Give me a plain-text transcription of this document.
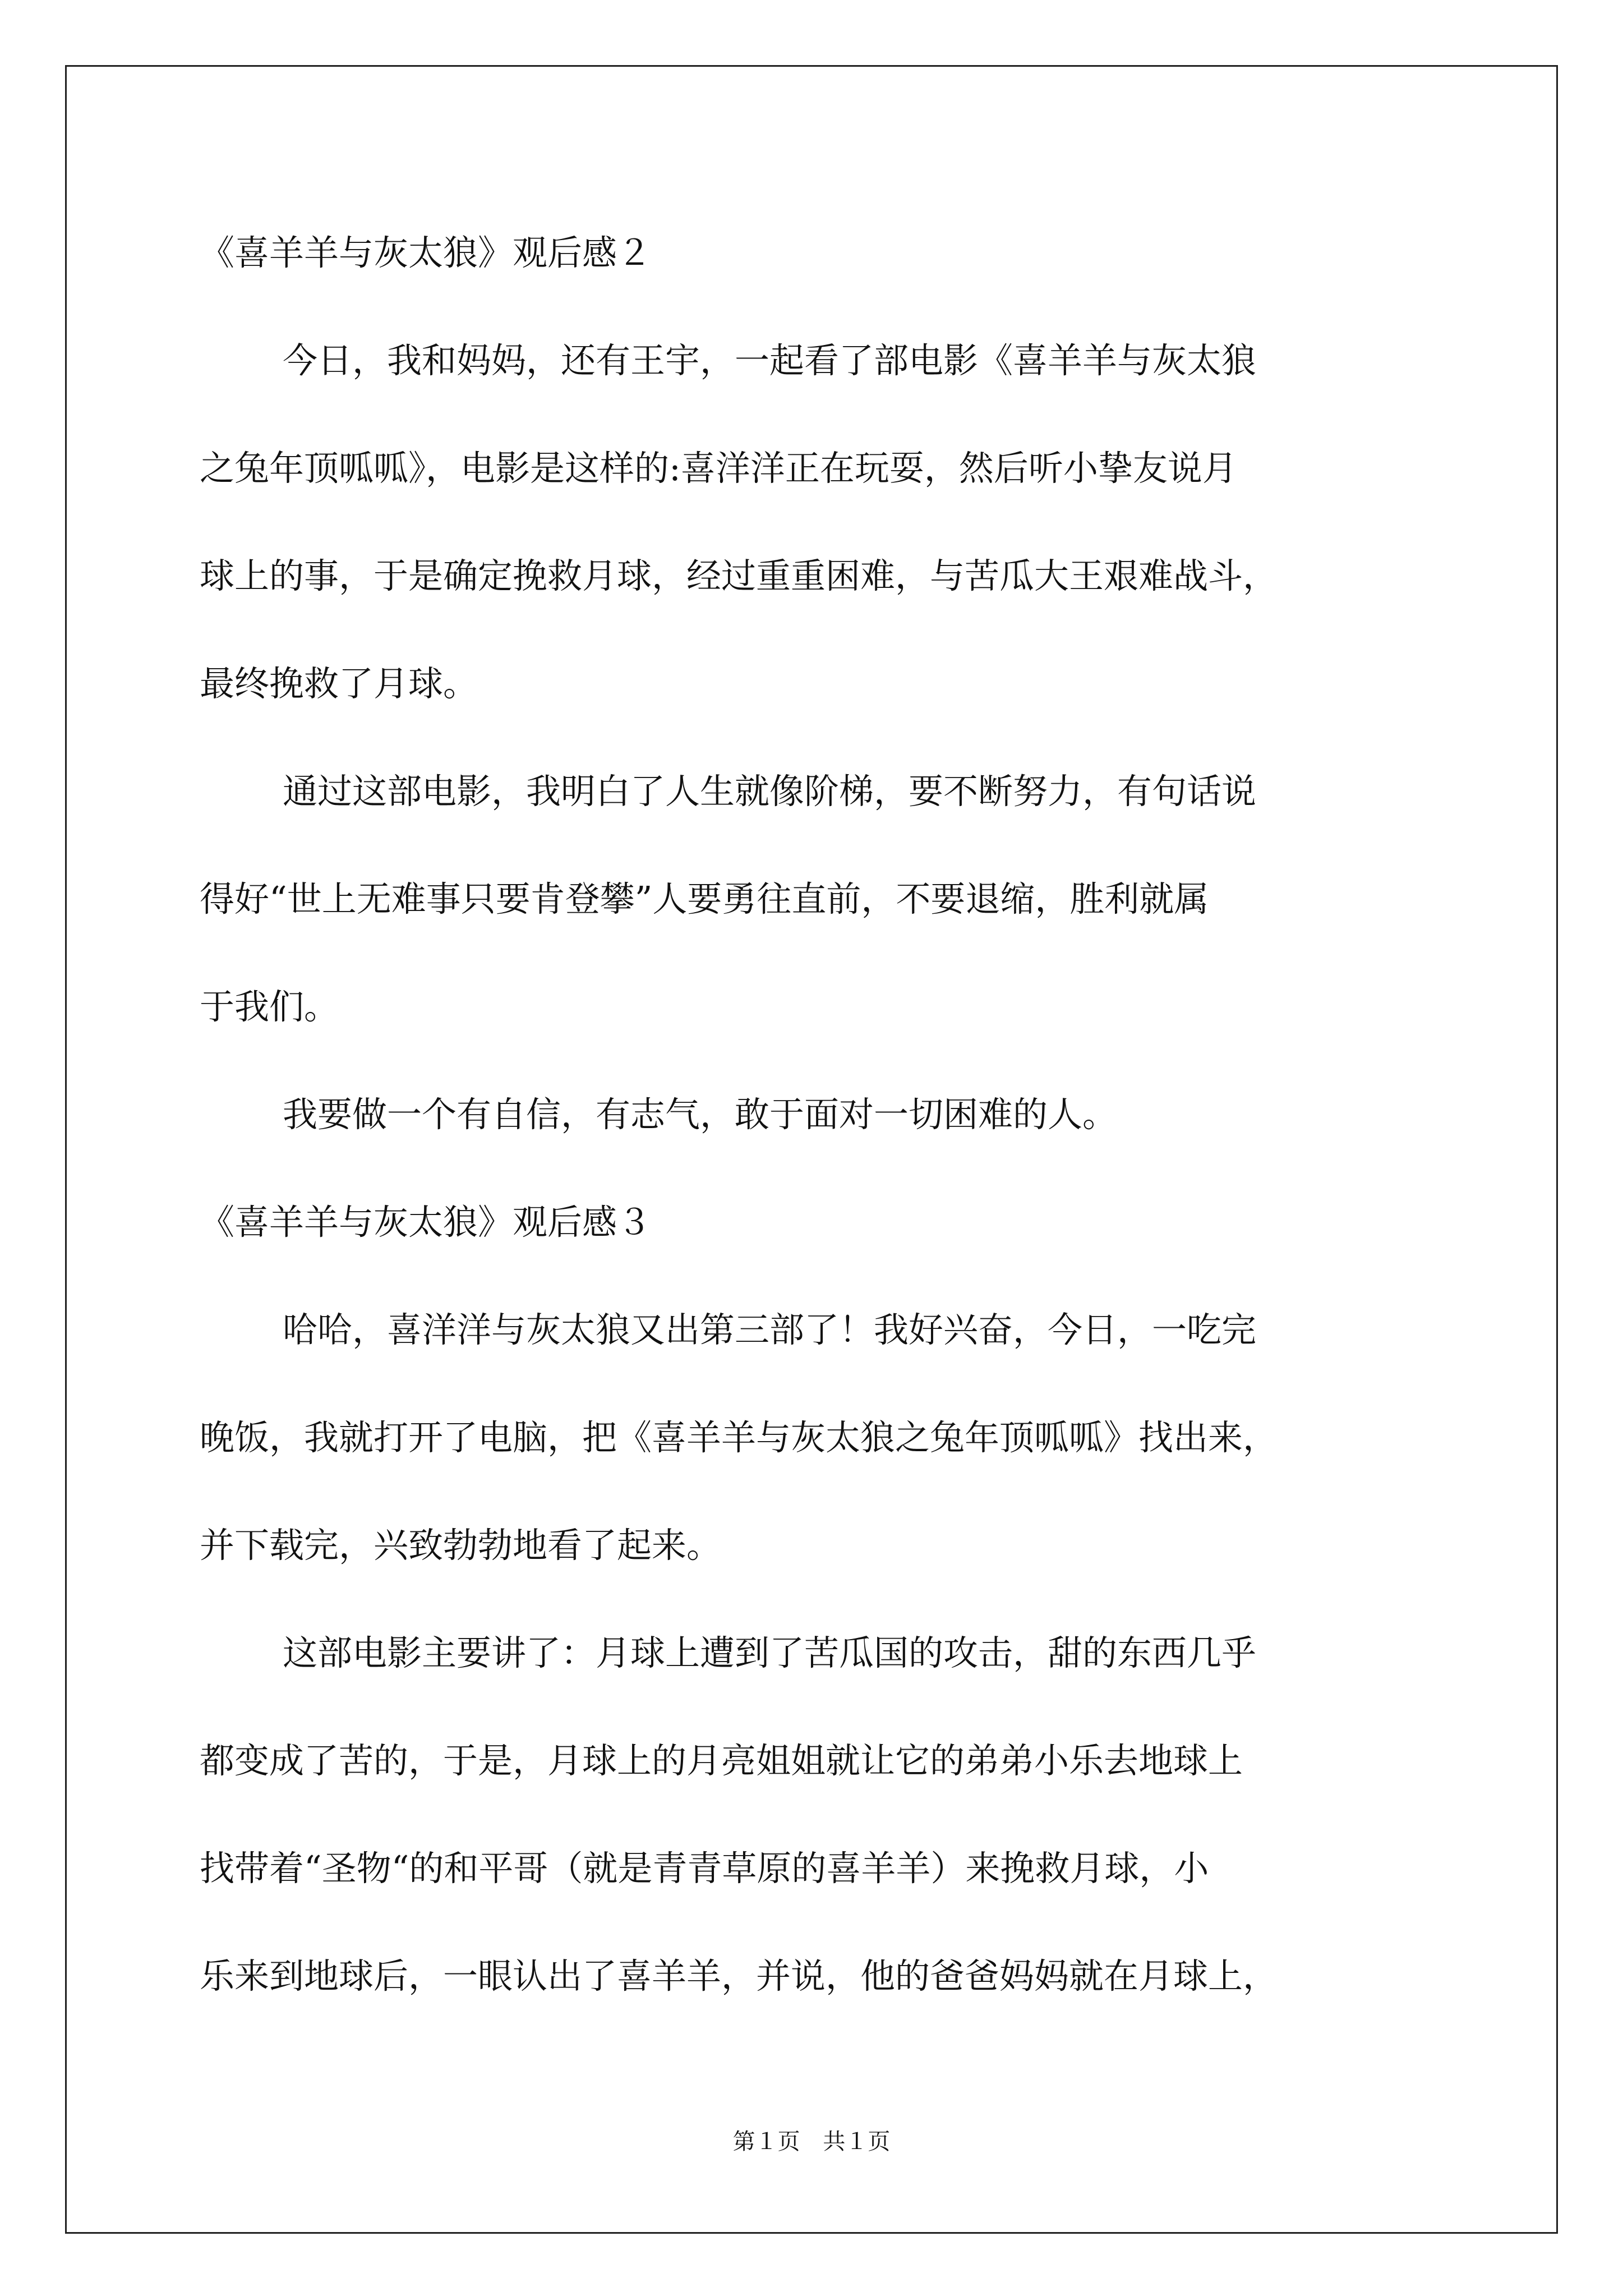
《喜羊羊与灰太狼》观后感２
今日，我和妈妈，还有王宇，一起看了部电影《喜羊羊与灰太狼
之兔年顶呱呱》，电影是这样的:喜洋洋正在玩耍，然后听小挚友说月
球上的事，于是确定挽救月球，经过重重困难，与苦瓜大王艰难战斗，
最终挽救了月球。
通过这部电影，我明白了人生就像阶梯，要不断努力，有句话说
得好“世上无难事只要肯登攀”人要勇往直前，不要退缩，胜利就属
于我们。
我要做一个有自信，有志气，敢于面对一切困难的人。
《喜羊羊与灰太狼》观后感３
哈哈，喜洋洋与灰太狼又出第三部了！我好兴奋，今日，一吃完
晚饭，我就打开了电脑，把《喜羊羊与灰太狼之兔年顶呱呱》找出来，
并下载完，兴致勃勃地看了起来。
这部电影主要讲了：月球上遭到了苦瓜国的攻击，甜的东西几乎
都变成了苦的，于是，月球上的月亮姐姐就让它的弟弟小乐去地球上
找带着“圣物“的和平哥（就是青青草原的喜羊羊）来挽救月球，小
乐来到地球后，一眼认出了喜羊羊，并说，他的爸爸妈妈就在月球上，
第１页 共１页
